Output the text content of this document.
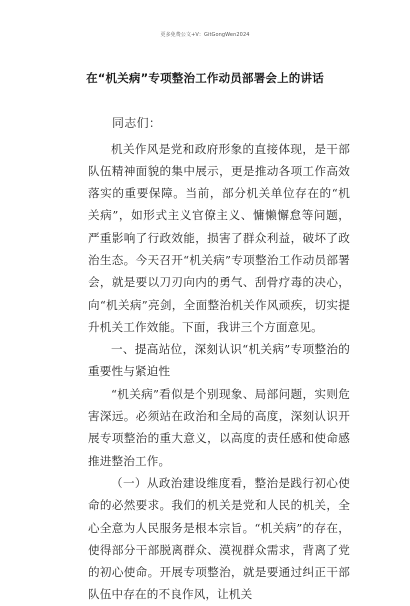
更多免费公文+V：GitGongWen2024
在“机关病”专项整治工作动员部署会上的讲话

同志们：

机关作风是党和政府形象的直接体现，是干部队伍精神面貌的集中展示，更是推动各项工作高效落实的重要保障。当前，部分机关单位存在的“机关病”，如形式主义官僚主义、慵懒懈怠等问题，严重影响了行政效能，损害了群众利益，破坏了政治生态。今天召开“机关病”专项整治工作动员部署会，就是要以刀刃向内的勇气、刮骨疗毒的决心，向“机关病”亮剑，全面整治机关作风顽疾，切实提升机关工作效能。下面，我讲三个方面意见。

一、提高站位，深刻认识“机关病”专项整治的重要性与紧迫性

“机关病”看似是个别现象、局部问题，实则危害深远。必须站在政治和全局的高度，深刻认识开展专项整治的重大意义，以高度的责任感和使命感推进整治工作。

（一）从政治建设维度看，整治是践行初心使命的必然要求。我们的机关是党和人民的机关，全心全意为人民服务是根本宗旨。“机关病”的存在，使得部分干部脱离群众、漠视群众需求，背离了党的初心使命。开展专项整治，就是要通过纠正干部队伍中存在的不良作风，让机关
